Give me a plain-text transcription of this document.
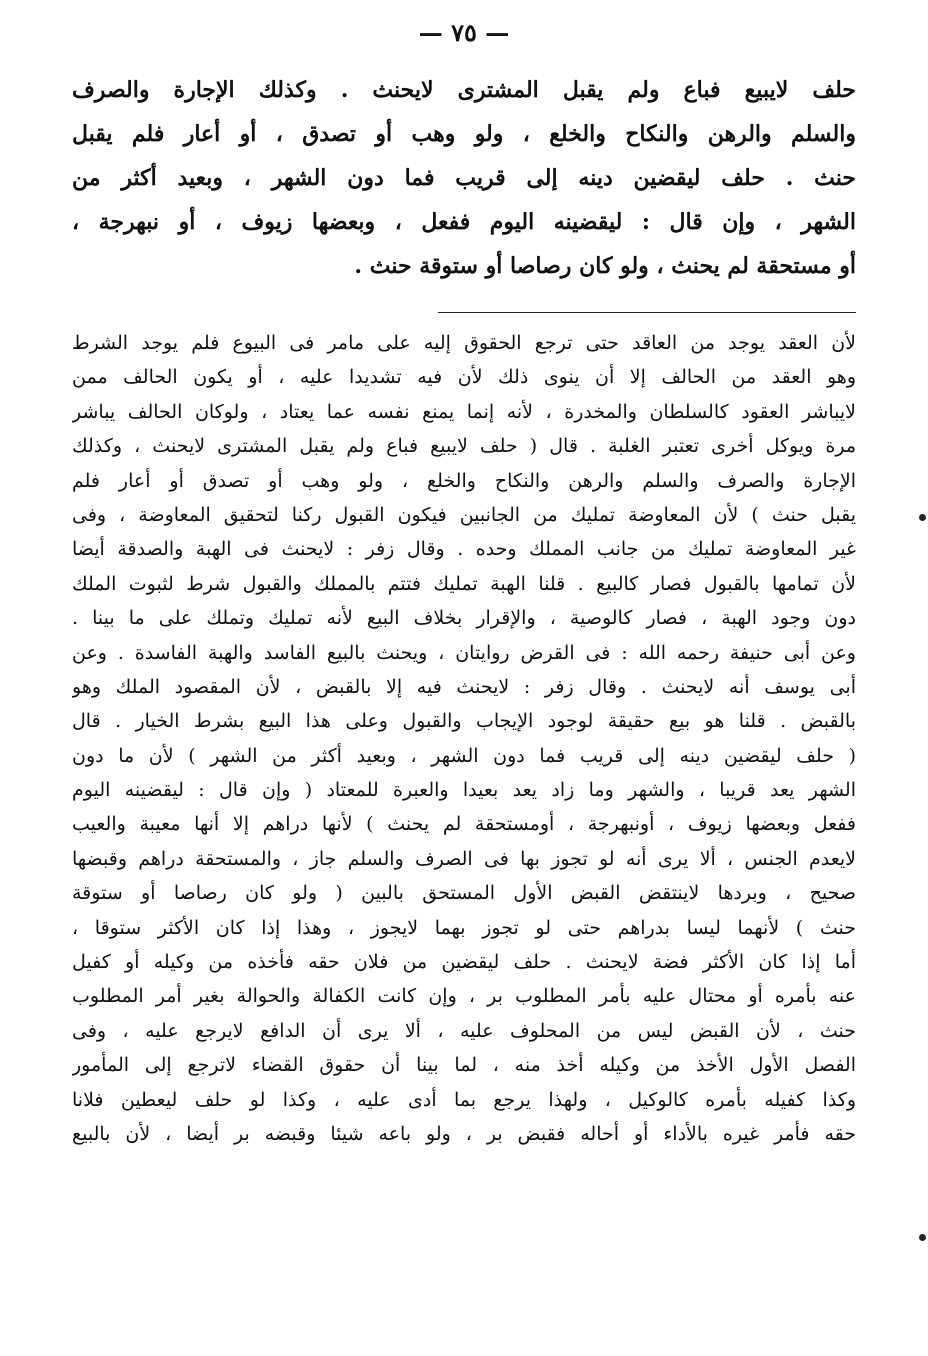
— ٧٥ —
حلف لايبيع فباع ولم يقبل المشترى لايحنث . وكذلك الإجارة والصرف
والسلم والرهن والنكاح والخلع ، ولو وهب أو تصدق ، أو أعار فلم يقبل
حنث . حلف ليقضين دينه إلى قريب فما دون الشهر ، وبعيد أكثر من
الشهر ، وإن قال : ليقضينه اليوم ففعل ، وبعضها زيوف ، أو نبهرجة ،
أو مستحقة لم يحنث ، ولو كان رصاصا أو ستوقة حنث .
لأن العقد يوجد من العاقد حتى ترجع الحقوق إليه على مامر فى البيوع فلم يوجد الشرط
وهو العقد من الحالف إلا أن ينوى ذلك لأن فيه تشديدا عليه ، أو يكون الحالف ممن
لايباشر العقود كالسلطان والمخدرة ، لأنه إنما يمنع نفسه عما يعتاد ، ولوكان الحالف يباشر
مرة ويوكل أخرى تعتبر الغلبة . قال ( حلف لايبيع فباع ولم يقبل المشترى لايحنث ، وكذلك
الإجارة والصرف والسلم والرهن والنكاح والخلع ، ولو وهب أو تصدق أو أعار فلم
يقبل حنث ) لأن المعاوضة تمليك من الجانبين فيكون القبول ركنا لتحقيق المعاوضة ، وفى
غير المعاوضة تمليك من جانب المملك وحده . وقال زفر : لايحنث فى الهبة والصدقة أيضا
لأن تمامها بالقبول فصار كالبيع . قلنا الهبة تمليك فتتم بالمملك والقبول شرط لثبوت الملك
دون وجود الهبة ، فصار كالوصية ، والإقرار بخلاف البيع لأنه تمليك وتملك على ما بينا .
وعن أبى حنيفة رحمه الله : فى القرض روايتان ، ويحنث بالبيع الفاسد والهبة الفاسدة . وعن
أبى يوسف أنه لايحنث . وقال زفر : لايحنث فيه إلا بالقبض ، لأن المقصود الملك وهو
بالقبض . قلنا هو بيع حقيقة لوجود الإيجاب والقبول وعلى هذا البيع بشرط الخيار . قال
( حلف ليقضين دينه إلى قريب فما دون الشهر ، وبعيد أكثر من الشهر ) لأن ما دون
الشهر يعد قريبا ، والشهر وما زاد يعد بعيدا والعبرة للمعتاد ( وإن قال : ليقضينه اليوم
ففعل وبعضها زيوف ، أونبهرجة ، أومستحقة لم يحنث ) لأنها دراهم إلا أنها معيبة والعيب
لايعدم الجنس ، ألا يرى أنه لو تجوز بها فى الصرف والسلم جاز ، والمستحقة دراهم وقبضها
صحيح ، وبردها لاينتقض القبض الأول المستحق بالبين ( ولو كان رصاصا أو ستوقة
حنث ) لأنهما ليسا بدراهم حتى لو تجوز بهما لايجوز ، وهذا إذا كان الأكثر ستوقا ،
أما إذا كان الأكثر فضة لايحنث . حلف ليقضين من فلان حقه فأخذه من وكيله أو كفيل
عنه بأمره أو محتال عليه بأمر المطلوب بر ، وإن كانت الكفالة والحوالة بغير أمر المطلوب
حنث ، لأن القبض ليس من المحلوف عليه ، ألا يرى أن الدافع لايرجع عليه ، وفى
الفصل الأول الأخذ من وكيله أخذ منه ، لما بينا أن حقوق القضاء لاترجع إلى المأمور
وكذا كفيله بأمره كالوكيل ، ولهذا يرجع بما أدى عليه ، وكذا لو حلف ليعطين فلانا
حقه فأمر غيره بالأداء أو أحاله فقبض بر ، ولو باعه شيئا وقبضه بر أيضا ، لأن بالبيع
